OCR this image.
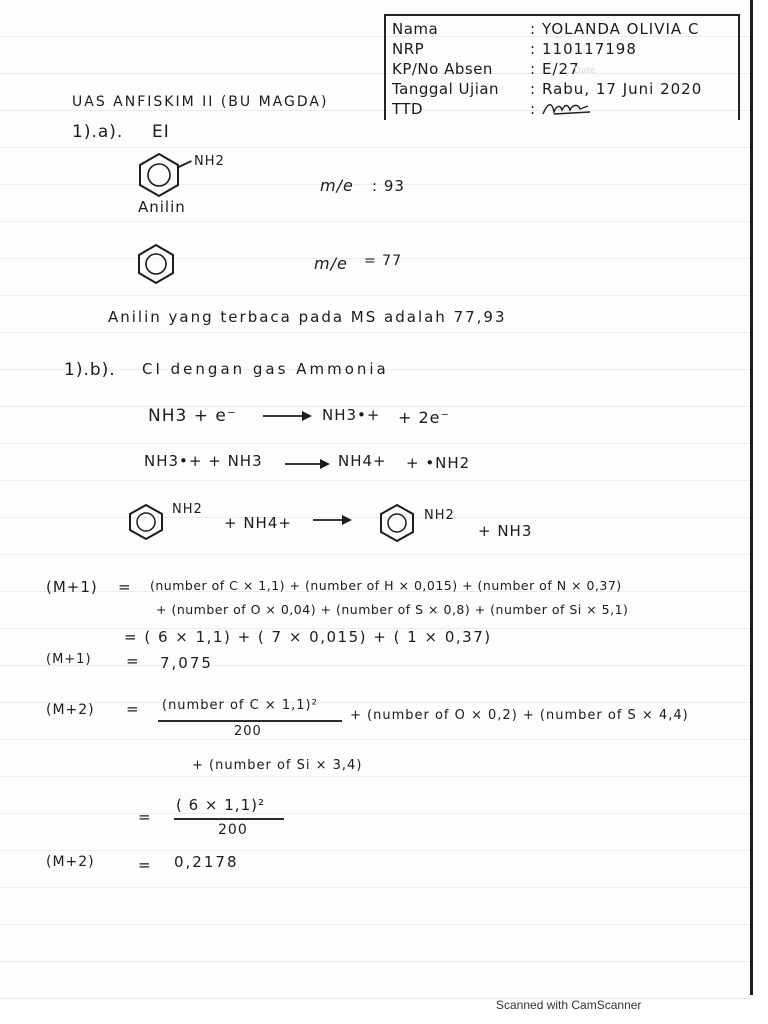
Nama	: YOLANDA OLIVIA C
NRP	: 110117198
KP/No Absen : E/27
Tanggal Ujian : Rabu, 17 Juni 2020
TTD	:
Date
UAS ANFISKIM II (BU MAGDA)
1).a). EI
NH2
Anilin
m/e : 93
m/e = 77
Anilin yang terbaca pada MS adalah 77,93
1).b). CI dengan gas Ammonia
NH3 + e⁻	NH3•+ + 2e⁻
NH3•+ + NH3	NH4+ + •NH2
NH2
+ NH4+	NH2
+ NH3
(M+1) = (number of C × 1,1) + (number of H × 0,015) + (number of N × 0,37)
+ (number of O × 0,04) + (number of S × 0,8) + (number of Si × 5,1)
= ( 6 × 1,1) + ( 7 × 0,015) + ( 1 × 0,37)
(M+1) = 7,075
(M+2) = (number of C × 1,1)²
200
+ (number of O × 0,2) + (number of S × 4,4)
+ (number of Si × 3,4)
=
( 6 × 1,1)²
200
(M+2)	= 0,2178
Scanned with CamScanner
